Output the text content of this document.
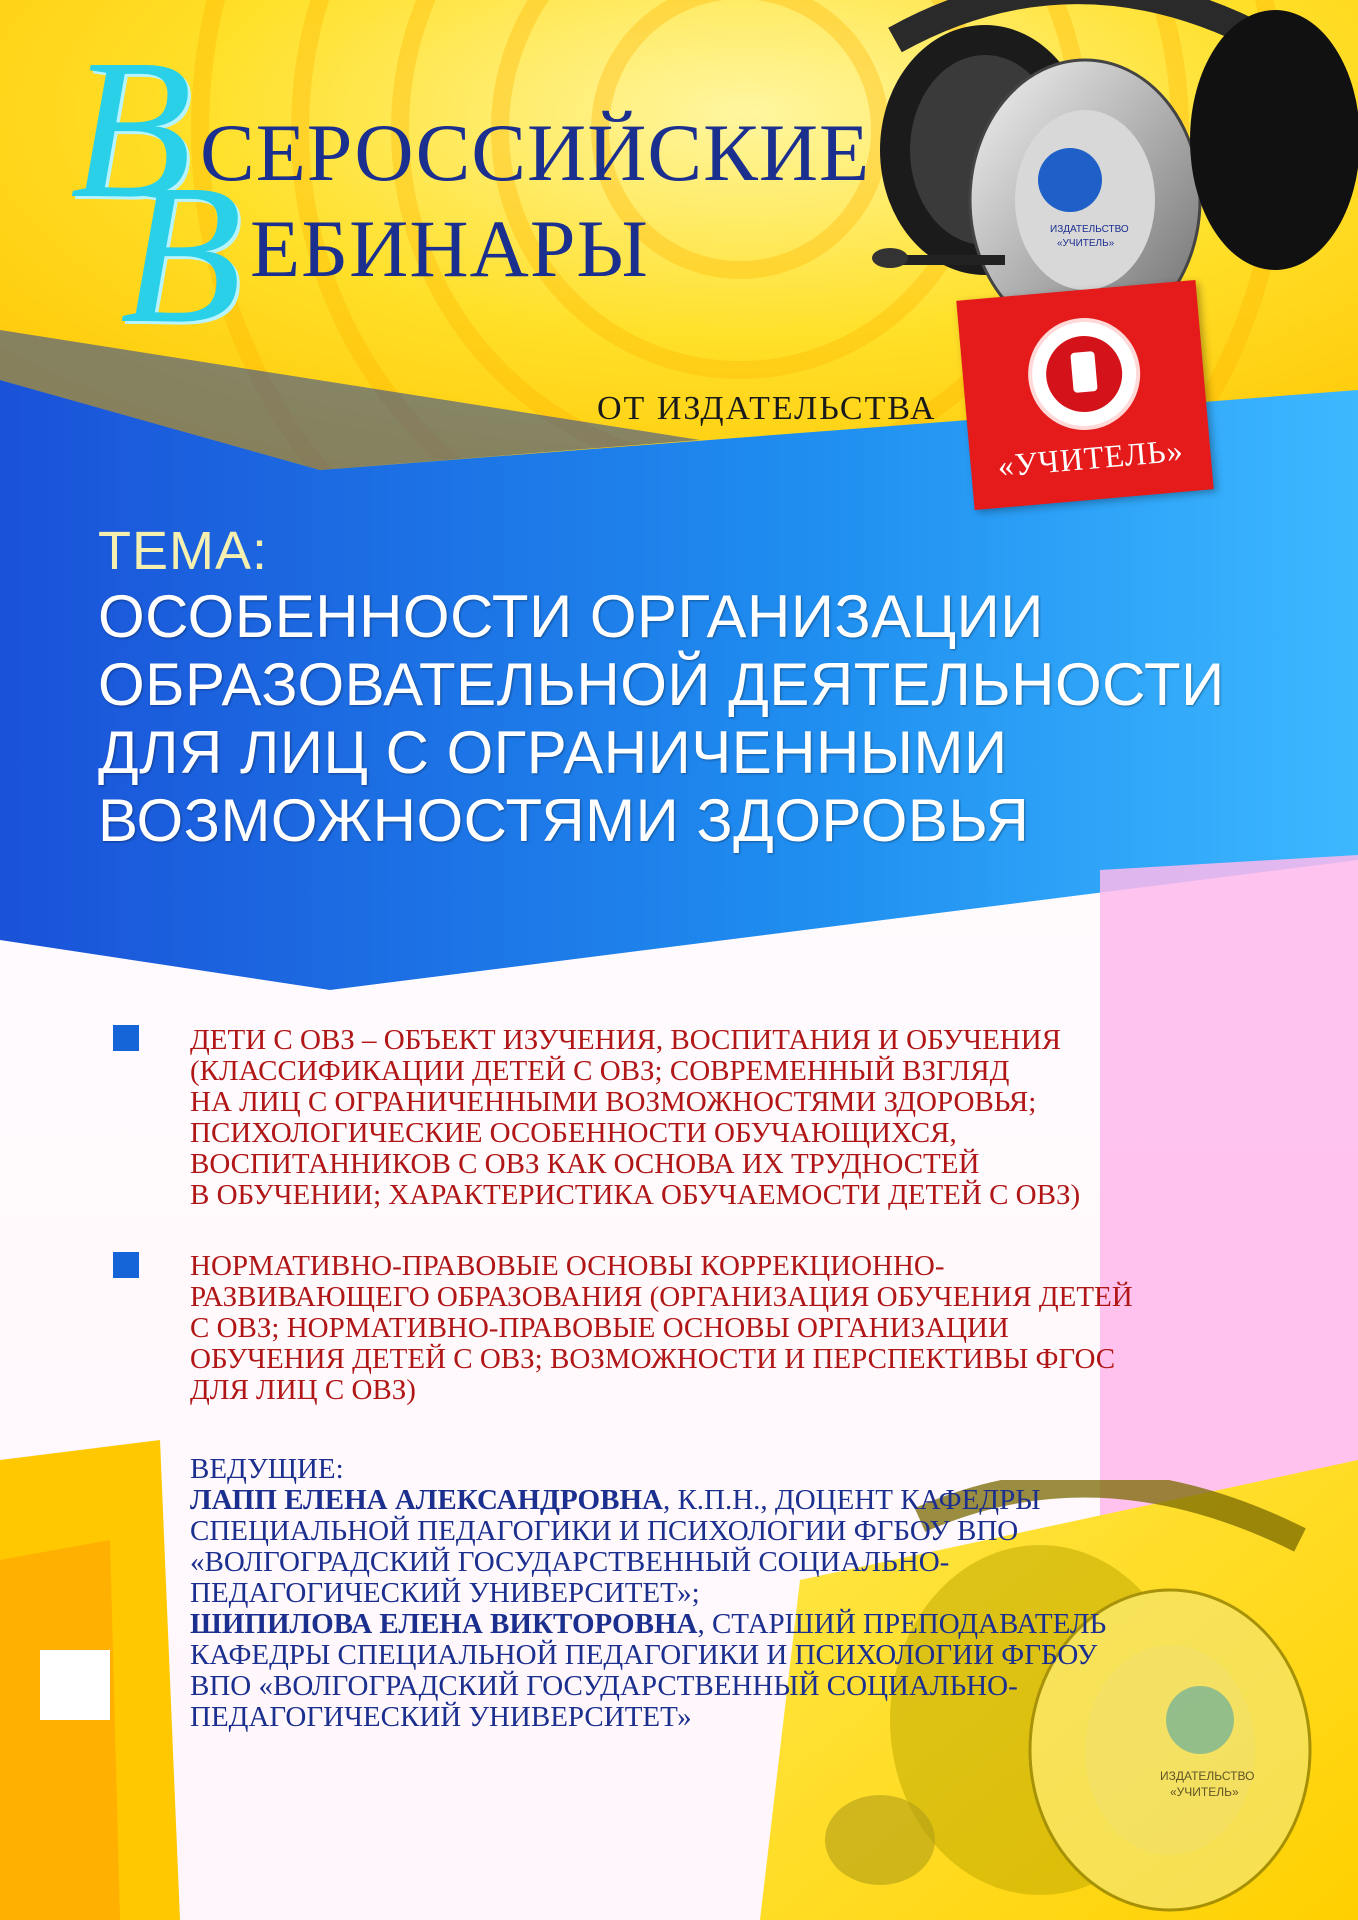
ИЗДАТЕЛЬСТВО
«УЧИТЕЛЬ»
«УЧИТЕЛЬ»
ИЗДАТЕЛЬСТВО
«УЧИТЕЛЬ»
В СЕРОССИЙСКИЕ
В ЕБИНАРЫ
ОТ ИЗДАТЕЛЬСТВА
ТЕМА:
ОСОБЕННОСТИ ОРГАНИЗАЦИИ
ОБРАЗОВАТЕЛЬНОЙ ДЕЯТЕЛЬНОСТИ
ДЛЯ ЛИЦ С ОГРАНИЧЕННЫМИ
ВОЗМОЖНОСТЯМИ ЗДОРОВЬЯ
ДЕТИ С ОВЗ – ОБЪЕКТ ИЗУЧЕНИЯ, ВОСПИТАНИЯ И ОБУЧЕНИЯ
(КЛАССИФИКАЦИИ ДЕТЕЙ С ОВЗ; СОВРЕМЕННЫЙ ВЗГЛЯД
НА ЛИЦ С ОГРАНИЧЕННЫМИ ВОЗМОЖНОСТЯМИ ЗДОРОВЬЯ;
ПСИХОЛОГИЧЕСКИЕ ОСОБЕННОСТИ ОБУЧАЮЩИХСЯ,
ВОСПИТАННИКОВ С ОВЗ КАК ОСНОВА ИХ ТРУДНОСТЕЙ
В ОБУЧЕНИИ; ХАРАКТЕРИСТИКА ОБУЧАЕМОСТИ ДЕТЕЙ С ОВЗ)
НОРМАТИВНО-ПРАВОВЫЕ ОСНОВЫ КОРРЕКЦИОННО-
РАЗВИВАЮЩЕГО ОБРАЗОВАНИЯ (ОРГАНИЗАЦИЯ ОБУЧЕНИЯ ДЕТЕЙ
С ОВЗ; НОРМАТИВНО-ПРАВОВЫЕ ОСНОВЫ ОРГАНИЗАЦИИ
ОБУЧЕНИЯ ДЕТЕЙ С ОВЗ; ВОЗМОЖНОСТИ И ПЕРСПЕКТИВЫ ФГОС
ДЛЯ ЛИЦ С ОВЗ)
ВЕДУЩИЕ:
ЛАПП ЕЛЕНА АЛЕКСАНДРОВНА, К.П.Н., ДОЦЕНТ КАФЕДРЫ
СПЕЦИАЛЬНОЙ ПЕДАГОГИКИ И ПСИХОЛОГИИ ФГБОУ ВПО
«ВОЛГОГРАДСКИЙ ГОСУДАРСТВЕННЫЙ СОЦИАЛЬНО-
ПЕДАГОГИЧЕСКИЙ УНИВЕРСИТЕТ»;
ШИПИЛОВА ЕЛЕНА ВИКТОРОВНА, СТАРШИЙ ПРЕПОДАВАТЕЛЬ
КАФЕДРЫ СПЕЦИАЛЬНОЙ ПЕДАГОГИКИ И ПСИХОЛОГИИ ФГБОУ
ВПО «ВОЛГОГРАДСКИЙ ГОСУДАРСТВЕННЫЙ СОЦИАЛЬНО-
ПЕДАГОГИЧЕСКИЙ УНИВЕРСИТЕТ»
